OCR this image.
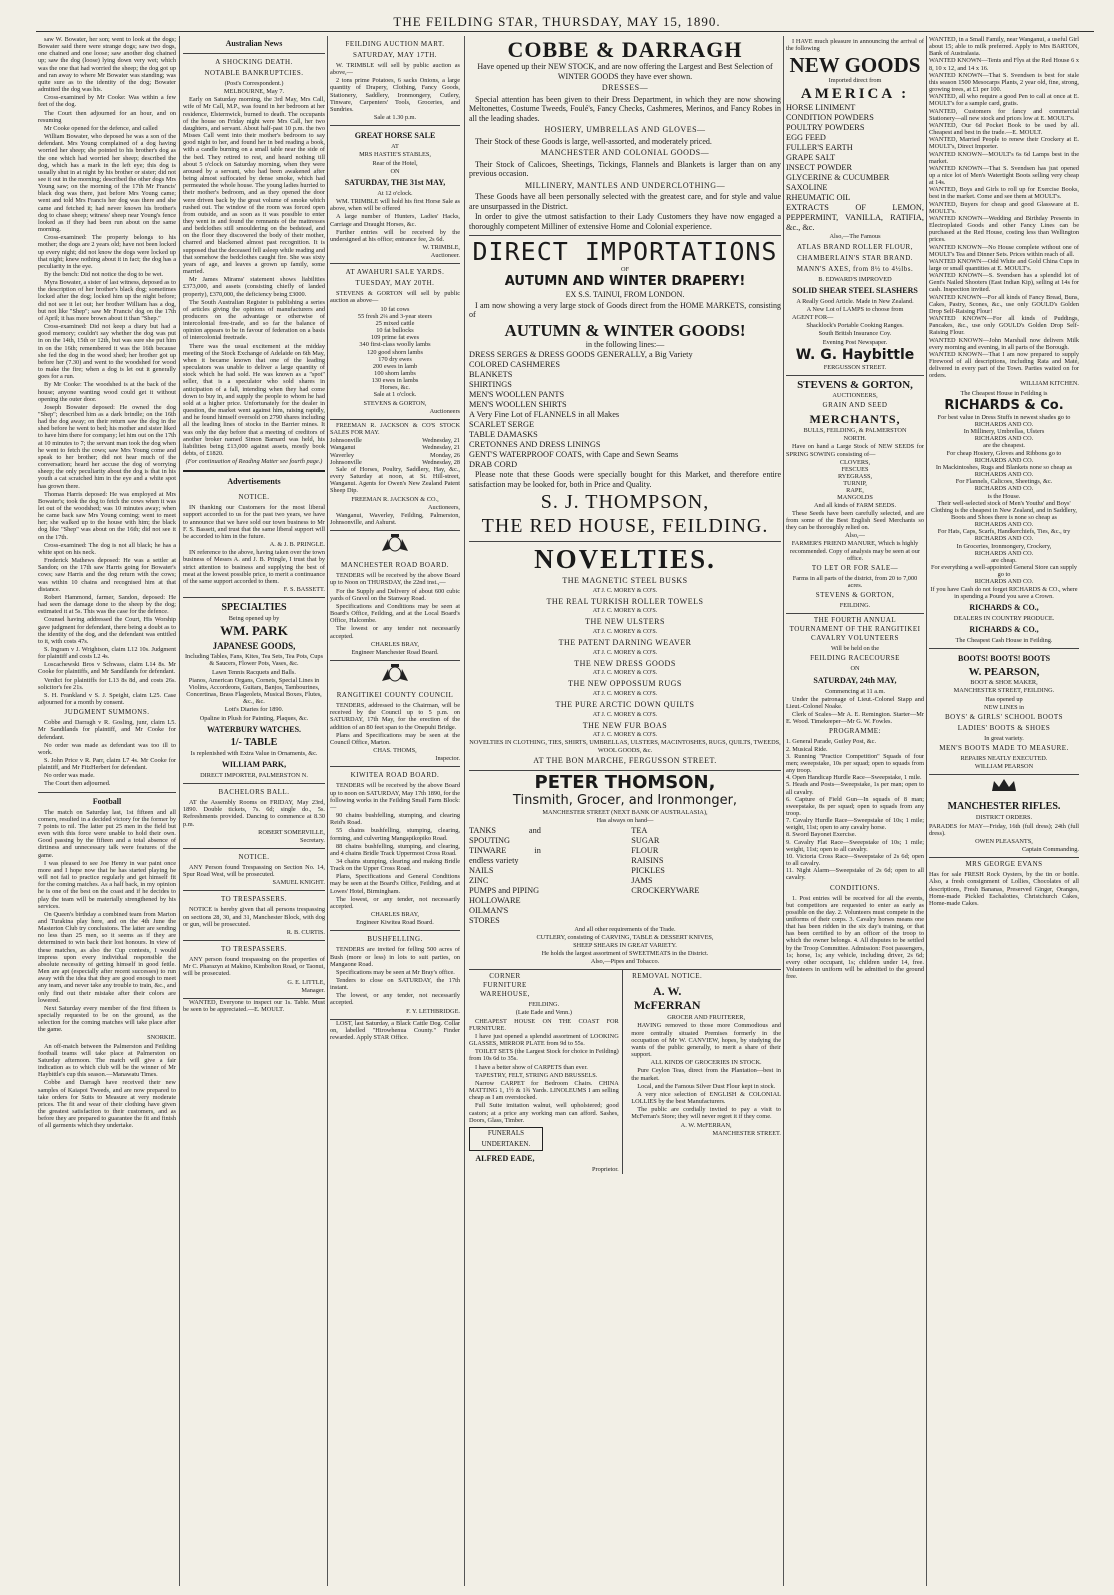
THE FEILDING STAR, THURSDAY, MAY 15, 1890.

saw W. Bowater, her son; went to look at the dogs; Bowater said there were strange dogs; saw two dogs, one chained and one loose; saw another dog chained up; saw the dog (loose) lying down very wet; which was the one that had worried the sheep; the dog got up and ran away to where Mr Bowater was standing; was quite sure as to the identity of the dog; Bowater admitted the dog was his.

Cross-examined by Mr Cooke: Was within a few feet of the dog.

The Court then adjourned for an hour, and on resuming

Mr Cooke opened for the defence, and called

William Bowater, who deposed he was a son of the defendant. Mrs Young complained of a dog having worried her sheep; she pointed to his brother's dog as the one which had worried her sheep; described the dog, which has a mark in the left eye; this dog is usually shut in at night by his brother or sister; did not see it out in the morning; described the other dogs Mrs Young saw; on the morning of the 17th Mr Francis' black dog was there, just before Mrs Young came; went and told Mrs Francis her dog was there and she came and fetched it; had never known his brother's dog to chase sheep; witness' sheep near Young's fence looked as if they had been run about on the same morning.

Cross-examined: The property belongs to his mother; the dogs are 2 years old; have not been locked up every night; did not know the dogs were locked up that night; knew nothing about it in fact; the dog has a peculiarity in the eye.

By the bench: Did not notice the dog to be wet.

Myra Bowater, a sister of last witness, deposed as to the description of her brother's black dog; sometimes locked after the dog; locked him up the night before; did not see it let out; her brother William has a dog, but not like "Shep"; saw Mr Francis' dog on the 17th of April; it has more brown about it than "Shep."

Cross-examined: Did not keep a diary but had a good memory; couldn't say whether the dog was put in on the 14th, 15th or 12th, but was sure she put him in on the 16th; remembered it was the 16th because she fed the dog in the wood shed; her brother got up before her (7.30) and went to the woodshed for wood to make the fire; when a dog is let out it generally goes for a run.

By Mr Cooke: The woodshed is at the back of the house; anyone wanting wood could get it without opening the outer door.

Joseph Bowater deposed: He owned the dog "Shep"; described him as a dark brindle; on the 16th had the dog away; on their return saw the dog in the shed before he went to bed; his mother and sister liked to have him there for company; let him out on the 17th at 10 minutes to 7; the servant man took the dog when he went to fetch the cows; saw Mrs Young come and speak to her brother; did not hear much of the conversation; heard her accuse the dog of worrying sheep; the only peculiarity about the dog is that in his youth a cat scratched him in the eye and a white spot has grown there.

Thomas Harris deposed: He was employed at Mrs Bowater's; took the dog to fetch the cows when it was let out of the woodshed; was 10 minutes away; when he came back saw Mrs Young coming; went to meet her; she walked up to the house with him; the black dog like "Shep" was about on the 16th; did not see it on the 17th.

Cross-examined: The dog is not all black; he has a white spot on his neck.

Frederick Mathews deposed: He was a settler at Sandon; on the 17th saw Harris going for Bowater's cows; saw Harris and the dog return with the cows; was within 10 chains and recognised him at that distance.

Robert Hammond, farmer, Sandon, deposed: He had seen the damage done to the sheep by the dog; estimated it at 5s. This was the case for the defence.

Counsel having addressed the Court, His Worship gave judgment for defendant, there being a doubt as to the identity of the dog, and the defendant was entitled to it, with costs 47s.

S. Ingram v J. Wrightson, claim L12 10s. Judgment for plaintiff and costs L2 4s.

Loscachewski Bros v Schwass, claim L14 8s. Mr Cooke for plaintiffs, and Mr Sandilands for defendant.

Verdict for plaintiffs for L13 8s 8d, and costs 26s. solicitor's fee 21s.

S. H. Frankland v S. J. Speight, claim L25. Case adjourned for a month by consent.

JUDGMENT SUMMONS.

Cobbe and Darragh v R. Gosling, junr, claim L5. Mr Sandilands for plaintiff, and Mr Cooke for defendant.

No order was made as defendant was too ill to work.

S. John Price v R. Parr, claim L7 4s. Mr Cooke for plaintiff, and Mr FitzHerbert for defendant.

No order was made.

The Court then adjourned.

Football

The match on Saturday last, 1st fifteen and all comers, resulted in a decided victory for the former by 7 points to nil. The latter put 25 men in the field but even with this force were unable to hold their own. Good passing by the fifteen and a total absence of dirtiness and unnecessary talk were features of the game.

I was pleased to see Joe Henry in war paint once more and I hope now that he has started playing he will not fail to practice regularly and get himself fit for the coming matches. As a half back, in my opinion he is one of the best on the coast and if he decides to play the team will be materially strengthened by his services.

On Queen's birthday a combined team from Marton and Turakina play here, and on the 4th June the Masterton Club try conclusions. The latter are sending no less than 25 men, so it seems as if they are determined to win back their lost honours. In view of these matches, as also the Cup contests, I would impress upon every individual responsible the absolute necessity of getting himself in good fettle. Men are apt (especially after recent successes) to run away with the idea that they are good enough to meet any team, and never take any trouble to train, &c., and only find out their mistake after their colors are lowered.

Next Saturday every member of the first fifteen is specially requested to be on the ground, as the selection for the coming matches will take place after the game.

SNORKIE.

An off-match between the Palmerston and Feilding football teams will take place at Palmerston on Saturday afternoon. The match will give a fair indication as to which club will be the winner of Mr Haybittle's cup this season.—Manawatu Times.

Cobbe and Darragh have received their new samples of Kaiapoi Tweeds, and are now prepared to take orders for Suits to Measure at very moderate prices. The fit and wear of their clothing have given the greatest satisfaction to their customers, and as before they are prepared to guarantee the fit and finish of all garments which they undertake.

Australian News
A SHOCKING DEATH.
NOTABLE BANKRUPTCIES.

(Post's Correspondent.)

MELBOURNE, May 7.

Early on Saturday morning, the 3rd May, Mrs Call, wife of Mr Call, M.P., was found in her bedroom at her residence, Elsternwick, burned to death. The occupants of the house on Friday night were Mrs Call, her two daughters, and servant. About half-past 10 p.m. the two Misses Call went into their mother's bedroom to say good night to her, and found her in bed reading a book, with a candle burning on a small table near the side of the bed. They retired to rest, and heard nothing till about 5 o'clock on Saturday morning, when they were aroused by a servant, who had been awakened after being almost suffocated by dense smoke, which had permeated the whole house. The young ladies hurried to their mother's bedroom, and as they opened the door were driven back by the great volume of smoke which rushed out. The window of the room was forced open from outside, and as soon as it was possible to enter they went in and found the remnants of the mattresses and bedclothes still smouldering on the bedstead, and on the floor they discovered the body of their mother, charred and blackened almost past recognition. It is supposed that the deceased fell asleep while reading and that somehow the bedclothes caught fire. She was sixty years of age, and leaves a grown up family, some married.

Mr James Mirams' statement shows liabilities £373,000, and assets (consisting chiefly of landed property), £370,000, the deficiency being £3000.

The South Australian Register is publishing a series of articles giving the opinions of manufacturers and producers on the advantage or otherwise of intercolonial free-trade, and so far the balance of opinion appears to be in favour of federation on a basis of intercolonial freetrade.

There was the usual excitement at the midday meeting of the Stock Exchange of Adelaide on 6th May, when it became known that one of the leading speculators was unable to deliver a large quantity of stock which he had sold. He was known as a "spot" seller, that is a speculator who sold shares in anticipation of a fall, intending when they had come down to buy in, and supply the people to whom he had sold at a higher price. Unfortunately for the dealer in question, the market went against him, raising rapidly, and he found himself oversold on 2790 shares including all the leading lines of stocks in the Barrier mines. It was only the day before that a meeting of creditors of another broker named Simon Barnard was held, his liabilities being £13,000 against assets, mostly book debts, of £1820.

(For continuation of Reading Matter see fourth page.)

Advertisements
NOTICE.

IN thanking our Customers for the most liberal support accorded to us for the past two years, we have to announce that we have sold our town business to Mr F. S. Bassett, and trust that the same liberal support will be accorded to him in the future.

A. & J. B. PRINGLE.

IN reference to the above, having taken over the town business of Messrs A. and J. B. Pringle, I trust that by strict attention to business and supplying the best of meat at the lowest possible price, to merit a continuance of the same support accorded to them.

F. S. BASSETT.

SPECIALTIES

Being opened up by

WM. PARK
JAPANESE GOODS,

Including Tables, Fans, Kites, Tea Sets, Tea Pots, Cups & Saucers, Flower Pots, Vases, &c.

Lawn Tennis Racquets and Balls.

Pianos, American Organs, Cornets, Special Lines in Violins, Accordeons, Guitars, Banjos, Tambourines, Concertinas, Brass Flageolets, Musical Boxes, Flutes, &c., &c.

Lott's Diaries for 1890.

Opaline in Plush for Painting, Plaques, &c.

WATERBURY WATCHES.
1/- TABLE

Is replenished with Extra Value in Ornaments, &c.

WILLIAM PARK,

DIRECT IMPORTER, PALMERSTON N.

BACHELORS BALL.

AT the Assembly Rooms on FRIDAY, May 23rd, 1890. Double tickets, 7s. 6d; single do., 5s. Refreshments provided. Dancing to commence at 8.30 p.m.

ROBERT SOMERVILLE,

Secretary.

NOTICE.

ANY Person found Trespassing on Section No. 14, Spur Road West, will be prosecuted.

SAMUEL KNIGHT.

TO TRESPASSERS.

NOTICE is hereby given that all persons trespassing on sections 28, 30, and 31, Manchester Block, with dog or gun, will be prosecuted.

R. B. CURTIS.

TO TRESPASSERS.

ANY person found trespassing on the properties of Mr C. Pharazyn at Makino, Kimbolton Road, or Taonui, will be prosecuted.

G. E. LITTLE,

Manager.

WANTED, Everyone to inspect our 1s. Table. Must be seen to be appreciated.—E. MOULT.

FEILDING AUCTION MART.
SATURDAY, MAY 17TH.

W. TRIMBLE will sell by public auction as above,—

2 tons prime Potatoes, 6 sacks Onions, a large quantity of Drapery, Clothing, Fancy Goods, Stationery, Saddlery, Ironmongery, Cutlery, Tinware, Carpenters' Tools, Groceries, and Sundries.

Sale at 1.30 p.m.

GREAT HORSE SALE

AT

MRS HASTIE'S STABLES,

Rear of the Hotel,

ON

SATURDAY, THE 31st MAY,

At 12 o'clock.

WM. TRIMBLE will hold his first Horse Sale as above, when will be offered

A large number of Hunters, Ladies' Hacks, Carriage and Draught Horses, &c.

Further entries will be received by the undersigned at his office; entrance fee, 2s 6d.

W. TRIMBLE,

Auctioneer.

AT AWAHURI SALE YARDS.
TUESDAY, MAY 20TH.

STEVENS & GORTON will sell by public auction as above—

10 fat cows
55 fresh 2¼ and 3-year steers
25 mixed cattle
10 fat bullocks
109 prime fat ewes
340 first-class woolly lambs
120 good shorn lambs
170 dry ewes
200 ewes in lamb
100 shorn lambs
130 ewes in lambs
Horses, &c.

Sale at 1 o'clock.

STEVENS & GORTON,

Auctioneers

FREEMAN R. JACKSON & CO'S STOCK SALES FOR MAY.

Johnsonville	Wednesday, 21
Wanganui	Wednesday, 21
Waverley	Monday, 26
Johnsonville	Wednesday, 28

Sale of Horses, Poultry, Saddlery, Hay, &c., every Saturday at noon, at St. Hill-street, Wanganui. Agents for Owen's New Zealand Patent Sheep Dip.

FREEMAN R. JACKSON & CO.,

Auctioneers,

Wanganui, Waverley, Feilding, Palmerston, Johnsonville, and Ashurst.

MANCHESTER ROAD BOARD.

TENDERS will be received by the above Board up to Noon on THURSDAY, the 22nd inst.,—

For the Supply and Delivery of about 600 cubic yards of Gravel on the Stanway Road.

Specifications and Conditions may be seen at Board's Office, Feilding, and at the Local Board's Office, Halcombe.

The lowest or any tender not necessarily accepted.

CHARLES BRAY,

Engineer Manchester Road Board.

RANGITIKEI COUNTY COUNCIL

TENDERS, addressed to the Chairman, will be received by the Council up to 5 p.m. on SATURDAY, 17th May, for the erection of the addition of an 80 feet span to the Onepuhi Bridge.

Plans and Specifications may be seen at the Council Office, Marton.

CHAS. THOMS,

Inspector.

KIWITEA ROAD BOARD.

TENDERS will be received by the above Board up to noon on SATURDAY, May 17th 1890, for the following works in the Feilding Small Farm Block:—

90 chains bushfelling, stumping, and clearing Reid's Road.

55 chains bushfelling, stumping, clearing, forming, and culverting Mangapikopiko Road.

88 chains bushfelling, stumping, and clearing, and 4 chains Bridle Track Uppermost Cross Road.

34 chains stumping, clearing and making Bridle Track on the Upper Cross Road.

Plans, Specifications and General Conditions may be seen at the Board's Office, Feilding, and at Lowes' Hotel, Birmingham.

The lowest, or any tender, not necessarily accepted.

CHARLES BRAY,

Engineer Kiwitea Road Board.

BUSHFELLING.

TENDERS are invited for felling 500 acres of Bush (more or less) in lots to suit parties, on Mangaone Road.

Specifications may be seen at Mr Bray's office.

Tenders to close on SATURDAY, the 17th instant.

The lowest, or any tender, not necessarily accepted.

F. Y. LETHBRIDGE.

LOST, last Saturday, a Black Cattle Dog. Collar on, labelled "Hirowhenua County." Finder rewarded. Apply STAR Office.

COBBE & DARRAGH

Have opened up their NEW STOCK, and are now offering the Largest and Best Selection of WINTER GOODS they have ever shown.

DRESSES—

Special attention has been given to their Dress Department, in which they are now showing Meltonettes, Costume Tweeds, Foulé's, Fancy Checks, Cashmeres, Merinos, and Fancy Robes in all the leading shades.

HOSIERY, UMBRELLAS AND GLOVES—

Their Stock of these Goods is large, well-assorted, and moderately priced.

MANCHESTER AND COLONIAL GOODS—

Their Stock of Calicoes, Sheetings, Tickings, Flannels and Blankets is larger than on any previous occasion.

MILLINERY, MANTLES AND UNDERCLOTHING—

These Goods have all been personally selected with the greatest care, and for style and value are unsurpassed in the District.

In order to give the utmost satisfaction to their Lady Customers they have now engaged a thoroughly competent Milliner of extensive Home and Colonial experience.

DIRECT IMPORTATIONS

OF

AUTUMN AND WINTER DRAPERY!

EX S.S. TAINUI, FROM LONDON.

I am now showing a very large stock of Goods direct from the HOME MARKETS, consisting of

AUTUMN & WINTER GOODS!

in the following lines:—

DRESS SERGES & DRESS GOODS GENERALLY, a Big Variety
COLORED CASHMERES
BLANKETS
SHIRTINGS
MEN'S WOOLLEN PANTS
MEN'S WOOLLEN SHIRTS
A Very Fine Lot of FLANNELS in all Makes
SCARLET SERGE
TABLE DAMASKS
CRETONNES AND DRESS LININGS
GENT'S WATERPROOF COATS, with Cape and Sewn Seams
DRAB CORD

Please note that these Goods were specially bought for this Market, and therefore entire satisfaction may be looked for, both in Price and Quality.

S. J. THOMPSON,
THE RED HOUSE, FEILDING.
NOVELTIES.
THE MAGNETIC STEEL BUSKS
AT J. C. MOREY & CO'S.
THE REAL TURKISH ROLLER TOWELS
AT J. C. MOREY & CO'S.
THE NEW ULSTERS
AT J. C. MOREY & CO'S.
THE PATENT DARNING WEAVER
AT J. C. MOREY & CO'S.
THE NEW DRESS GOODS
AT J. C. MOREY & CO'S.
THE NEW OPPOSSUM RUGS
AT J. C. MOREY & CO'S.
THE PURE ARCTIC DOWN QUILTS
AT J. C. MOREY & CO'S.
THE NEW FUR BOAS
AT J. C. MOREY & CO'S.

NOVELTIES IN CLOTHING, TIES, SHIRTS, UMBRELLAS, ULSTERS, MACINTOSHES, RUGS, QUILTS, TWEEDS, WOOL GOODS, &c.

AT THE BON MARCHE, FERGUSSON STREET.
PETER THOMSON,
Tinsmith, Grocer, and Ironmonger,

MANCHESTER STREET (NEXT BANK OF AUSTRALASIA),

Has always on hand—

TANKS and SPOUTING
TINWARE in endless variety
NAILS
ZINC
PUMPS and PIPING
HOLLOWARE
OILMAN'S STORES
TEA
SUGAR
FLOUR
RAISINS
PICKLES
JAMS
CROCKERYWARE

And all other requirements of the Trade.

CUTLERY, consisting of CARVING, TABLE & DESSERT KNIVES,

SHEEP SHEARS IN GREAT VARIETY.

He holds the largest assortment of SWEETMEATS in the District.

Also,—Pipes and Tobacco.

CORNER FURNITURE WAREHOUSE,

FEILDING.

(Late Eade and Venn.)

CHEAPEST HOUSE ON THE COAST FOR FURNITURE.

I have just opened a splendid assortment of LOOKING GLASSES, MIRROR PLATE from 9d to 55s.

TOILET SETS (the Largest Stock for choice in Feilding) from 10s 6d to 35s.

I have a better show of CARPETS than ever.

TAPESTRY, FELT, STRING AND BRUSSELS.

Narrow CARPET for Bedroom Chairs. CHINA MATTING 1, 1½ & 1¾ Yards. LINOLEUMS I am selling cheap as I am overstocked.

Full Suite imitation walnut, well upholstered; good castors; at a price any working man can afford. Sashes, Doors, Glass, Timber.

FUNERALS UNDERTAKEN.
ALFRED EADE,

Proprietor.

REMOVAL NOTICE.
A. W. McFERRAN

GROCER AND FRUITERER,

HAVING removed to those more Commodious and more centrally situated Premises formerly in the occupation of Mr W. CANVIEW, hopes, by studying the wants of the public generally, to merit a share of their support.

ALL KINDS OF GROCERIES IN STOCK.

Pure Ceylon Teas, direct from the Plantation—best in the market.

Local, and the Famous Silver Dust Flour kept in stock.

A very nice selection of ENGLISH & COLONIAL LOLLIES by the best Manufacturers.

The public are cordially invited to pay a visit to McFerran's Store; they will never regret it if they come.

A. W. McFERRAN,

MANCHESTER STREET.

I HAVE much pleasure in announcing the arrival of the following

NEW GOODS

Imported direct from

AMERICA :
HORSE LINIMENT
CONDITION POWDERS
POULTRY POWDERS
EGG FEED
FULLER'S EARTH
GRAPE SALT
INSECT POWDER
GLYCERINE & CUCUMBER
SAXOLINE
RHEUMATIC OIL
EXTRACTS OF LEMON, PEPPERMINT, VANILLA, RATIFIA, &c., &c.

Also,—The Famous

ATLAS BRAND ROLLER FLOUR,
CHAMBERLAIN'S STAR BRAND.
MANN'S AXES, from 8½ to 4½lbs.

B. EDWARD'S IMPROVED

SOLID SHEAR STEEL SLASHERS

A Really Good Article. Made in New Zealand.

A New Lot of LAMPS to choose from

AGENT FOR—

Shacklock's Portable Cooking Ranges.

South British Insurance Coy.

Evening Post Newspaper.

W. G. Haybittle

FERGUSSON STREET.

STEVENS & GORTON,

AUCTIONEERS,

GRAIN AND SEED
MERCHANTS,

BULLS, FEILDING, & PALMERSTON

NORTH.

Have on hand a Large Stock of NEW SEEDS for SPRING SOWING consisting of—

CLOVERS,
FESCUES
RYEGRASS,
TURNIP,
RAPE,
MANGOLDS

And all kinds of FARM SEEDS.

These Seeds have been carefully selected, and are from some of the Best English Seed Merchants so they can be thoroughly relied on.

Also,—

FARMER'S FRIEND MANURE, Which is highly recommended. Copy of analysis may be seen at our office.

TO LET OR FOR SALE—

Farms in all parts of the district, from 20 to 7,000 acres.

STEVENS & GORTON,

FEILDING.

THE FOURTH ANNUAL TOURNAMENT OF THE RANGITIKEI CAVALRY VOLUNTEERS

Will be held on the

FEILDING RACECOURSE

ON

SATURDAY, 24th MAY,

Commencing at 11 a.m.

Under the patronage of Lieut.-Colonel Stapp and Lieut.-Colonel Noake.

Clerk of Scales—Mr A. E. Remington. Starter—Mr E. Wood. Timekeeper—Mr G. W. Fowles.

PROGRAMME:
1. General Parade, Guiley Post, &c.
2. Musical Ride.
3. Running "Practice Competition" Squads of four men; sweepstake, 10s per squad; open to squads from any troop.
4. Open Handicap Hurdle Race—Sweepstake, 1 mile.
5. Heads and Posts—Sweepstake, 1s per man; open to all cavalry.
6. Capture of Field Gun—In squads of 8 man; sweepstake, 8s per squad; open to squads from any troop.
7. Cavalry Hurdle Race—Sweepstake of 10s; 1 mile; weight, 11st; open to any cavalry horse.
8. Sword Bayonet Exercise.
9. Cavalry Flat Race—Sweepstake of 10s; 1 mile; weight, 11st; open to all cavalry.
10. Victoria Cross Race—Sweepstake of 2s 6d; open to all cavalry.
11. Night Alarm—Sweepstake of 2s 6d; open to all cavalry.
CONDITIONS.

1. Post entries will be received for all the events, but competitors are requested to enter as early as possible on the day. 2. Volunteers must compete in the uniforms of their corps. 3. Cavalry horses means one that has been ridden in the six day's training, or that has been certified to by an officer of the troop to which the owner belongs. 4. All disputes to be settled by the Troop Committee. Admission: Foot passengers, 1s; horse, 1s; any vehicle, including driver, 2s 6d; every other occupant, 1s; children under 14, free. Volunteers in uniform will be admitted to the ground free.

WANTED, in a Small Family, near Wanganui, a useful Girl about 15; able to milk preferred. Apply to Mrs BARTON, Bank of Australasia.
WANTED KNOWN—Tents and Flys at the Red House 6 x 8, 10 x 12, and 14 x 16.
WANTED KNOWN—That S. Svendsen is best for stale this season 1500 Mesocarps Plants, 2 year old, fine, strong, growing trees, at £1 per 100.
WANTED, all who require a good Pen to call at once at E. MOULT's for a sample card, gratis.
WANTED, Customers for fancy and commercial Stationery—all new stock and prices low at E. MOULT's.
WANTED, Our 6d Pocket Book to be used by all. Cheapest and best in the trade.—E. MOULT.
WANTED, Married People to renew their Crockery at E. MOULT's, Direct Importer.
WANTED KNOWN—MOULT's 6s 6d Lamps best in the market.
WANTED KNOWN—That S. Svendsen has just opened up a nice lot of Men's Watertight Boots selling very cheap at 14s.
WANTED, Boys and Girls to roll up for Exercise Books, best in the market. Come and see them at MOULT's.
WANTED, Buyers for cheap and good Glassware at E. MOULT's.
WANTED KNOWN—Wedding and Birthday Presents in Electroplated Goods and other Fancy Lines can be purchased at the Red House, costing less than Wellington prices.
WANTED KNOWN—No House complete without one of MOULT's Tea and Dinner Sets. Prices within reach of all.
WANTED KNOWN—Odd White and Gold China Cups in large or small quantities at E. MOULT's.
WANTED KNOWN—S. Svendsen has a splendid lot of Gent's Nailed Shooters (East Indian Kip), selling at 14s for cash. Inspection invited.
WANTED KNOWN—For all kinds of Fancy Bread, Buns, Cakes, Pastry, Scones, &c., use only GOULD's Golden Drop Self-Raising Flour!
WANTED KNOWN—For all kinds of Puddings, Pancakes, &c., use only GOULD's Golden Drop Self-Raising Flour.
WANTED KNOWN—John Marshall now delivers Milk every morning and evening, in all parts of the Borough.
WANTED KNOWN—That I am now prepared to supply Firewood of all descriptions, including Rata and Maté, delivered in every part of the Town. Parties waited on for orders.

WILLIAM KITCHEN.

The Cheapest House in Feilding is

RICHARDS & Co.
For best value in Dress Stuffs in newest shades go to
RICHARDS AND CO.
In Millinery, Umbrellas, Ulsters
RICHARDS AND CO.
are the cheapest.
For cheap Hosiery, Gloves and Ribbons go to
RICHARDS AND CO.
In Mackintoshes, Rugs and Blankets none so cheap as
RICHARDS AND CO.
For Flannels, Calicoes, Sheetings, &c.
RICHARDS AND CO.
is the House.
Their well-selected stock of Men's Youths' and Boys' Clothing is the cheapest in New Zealand, and in Saddlery, Boots and Shoes there is none so cheap as
RICHARDS AND CO.
For Hats, Caps, Scarfs, Handkerchiefs, Ties, &c., try
RICHARDS AND CO.
In Groceries, Ironmongery, Crockery,
RICHARDS AND CO.
are cheap.
For everything a well-appointed General Store can supply go to
RICHARDS AND CO.
If you have Cash do not forget RICHARDS & CO., where in spending a Pound you save a Crown.
RICHARDS & CO.,

DEALERS IN COUNTRY PRODUCE.

RICHARDS & CO.,

The Cheapest Cash House in Feilding.

BOOTS! BOOTS! BOOTS
W. PEARSON,

BOOT & SHOE MAKER,

MANCHESTER STREET, FEILDING.

Has opened up

NEW LINES in

BOYS' & GIRLS' SCHOOL BOOTS
LADIES' BOOTS & SHOES

In great variety.

MEN'S BOOTS MADE TO MEASURE.

REPAIRS NEATLY EXECUTED.

WILLIAM PEARSON

MANCHESTER RIFLES.

DISTRICT ORDERS.

PARADES for MAY—Friday, 16th (full dress); 24th (full dress).

OWEN PLEASANTS,

Captain Commanding.

MRS GEORGE EVANS

Has for sale FRESH Rock Oysters, by the tin or bottle. Also, a fresh consignment of Lollies, Chocolates of all descriptions, Fresh Bananas, Preserved Ginger, Oranges, Home-made Pickled Eschalottes, Christchurch Cakes, Home-made Cakes.
